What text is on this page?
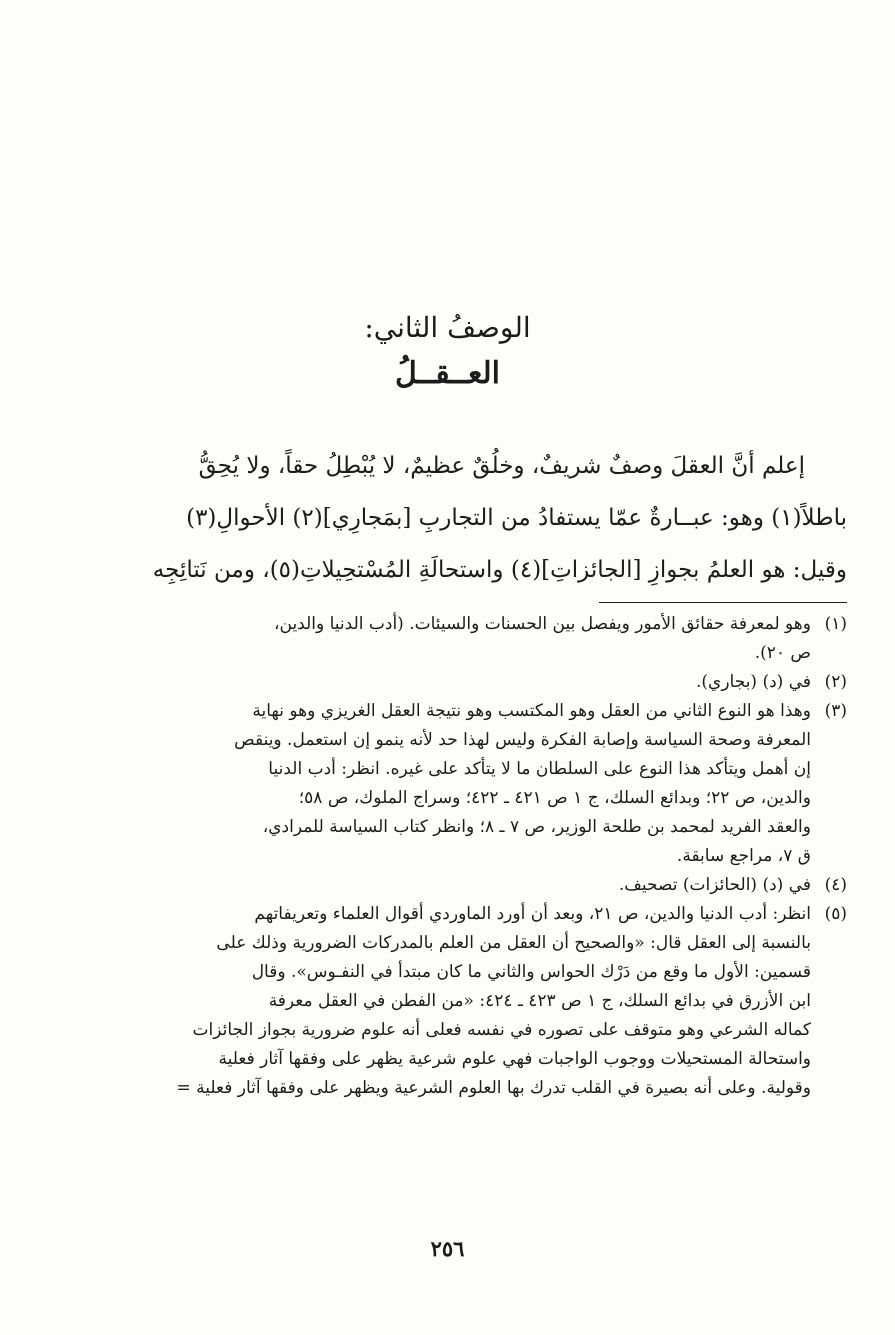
الوصفُ الثاني:
العــقــلُ
إعلم أنَّ العقلَ وصفٌ شريفٌ، وخلُقٌ عظيمٌ، لا يُبْطِلُ حقاً، ولا يُحِقُّ
باطلاً(١) وهو: عبــارةٌ عمّا يستفادُ من التجاربِ [بمَجارِي](٢) الأحوالِ(٣)
وقيل: هو العلمُ بجوازِ [الجائزاتِ](٤) واستحالَةِ المُسْتحِيلاتِ(٥)، ومن نَتائِجِه
(١)
وهو لمعرفة حقائق الأمور ويفصل بين الحسنات والسيئات. (أدب الدنيا والدين،
ص ٢٠).
(٢)
في (د) (بجاري).
(٣)
وهذا هو النوع الثاني من العقل وهو المكتسب وهو نتيجة العقل الغريزي وهو نهاية
المعرفة وصحة السياسة وإصابة الفكرة وليس لهذا حد لأنه ينمو إن استعمل. وينقص
إن أهمل ويتأكد هذا النوع على السلطان ما لا يتأكد على غيره. انظر: أدب الدنيا
والدين، ص ٢٢؛ وبدائع السلك، ج ١ ص ٤٢١ ـ ٤٢٢؛ وسراج الملوك، ص ٥٨؛
والعقد الفريد لمحمد بن طلحة الوزير، ص ٧ ـ ٨؛ وانظر كتاب السياسة للمرادي،
ق ٧، مراجع سابقة.
(٤)
في (د) (الحائزات) تصحيف.
(٥)
انظر: أدب الدنيا والدين، ص ٢١، وبعد أن أورد الماوردي أقوال العلماء وتعريفاتهم
بالنسبة إلى العقل قال: «والصحيح أن العقل من العلم بالمدركات الضرورية وذلك على
قسمين: الأول ما وقع من دَرْك الحواس والثاني ما كان مبتدأ في النفـوس». وقال
ابن الأزرق في بدائع السلك، ج ١ ص ٤٢٣ ـ ٤٢٤: «من الفطن في العقل معرفة
كماله الشرعي وهو متوقف على تصوره في نفسه فعلى أنه علوم ضرورية بجواز الجائزات
واستحالة المستحيلات ووجوب الواجبات فهي علوم شرعية يظهر على وفقها آثار فعلية
وقولية. وعلى أنه بصيرة في القلب تدرك بها العلوم الشرعية ويظهر على وفقها آثار فعلية =
٢٥٦
